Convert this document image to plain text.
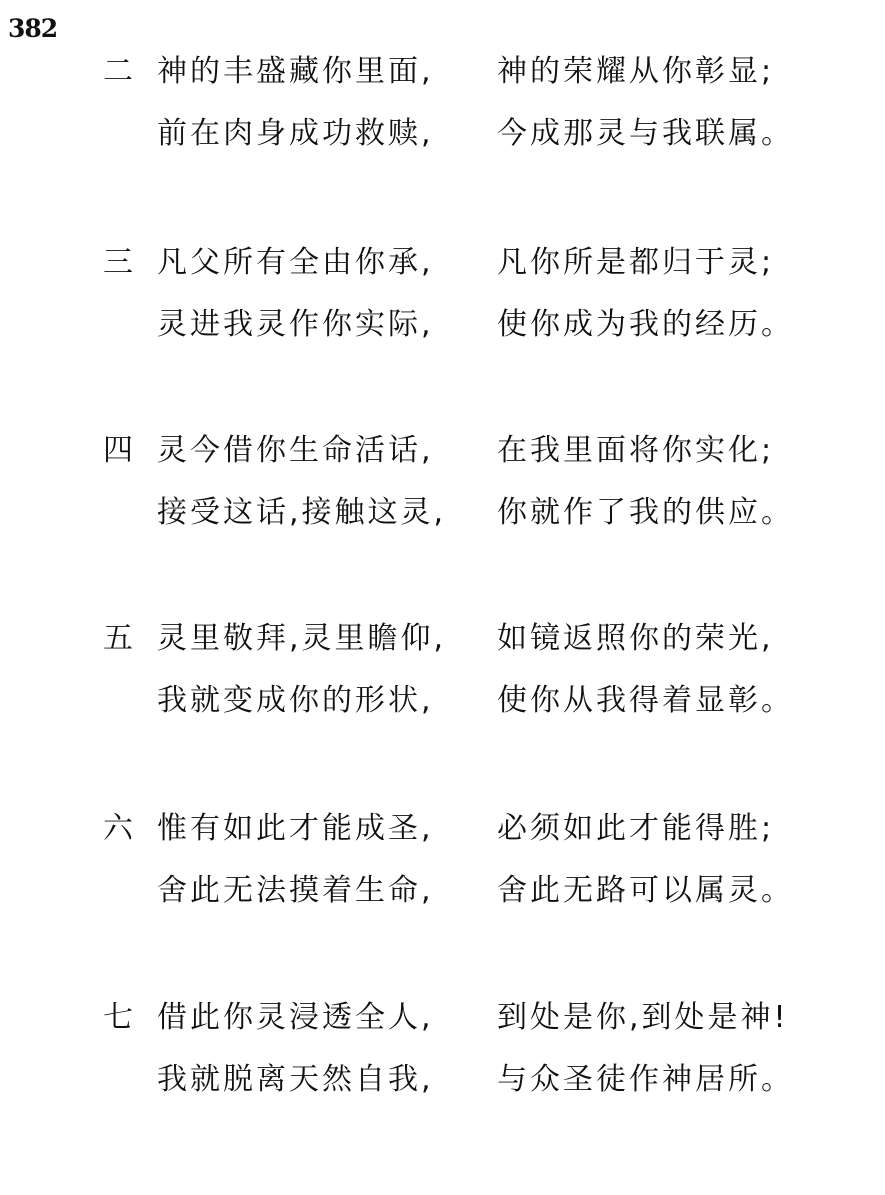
382
二 神的丰盛藏你里面,	神的荣耀从你彰显;
前在肉身成功救赎,	今成那灵与我联属。
三 凡父所有全由你承,	凡你所是都归于灵;
灵进我灵作你实际,	使你成为我的经历。
四 灵今借你生命活话,	在我里面将你实化;
接受这话,接触这灵, 你就作了我的供应。
五 灵里敬拜,灵里瞻仰, 如镜返照你的荣光,
我就变成你的形状,	使你从我得着显彰。
六 惟有如此才能成圣,	必须如此才能得胜;
舍此无法摸着生命,	舍此无路可以属灵。
七 借此你灵浸透全人,	到处是你,到处是神!
我就脱离天然自我,	与众圣徒作神居所。
